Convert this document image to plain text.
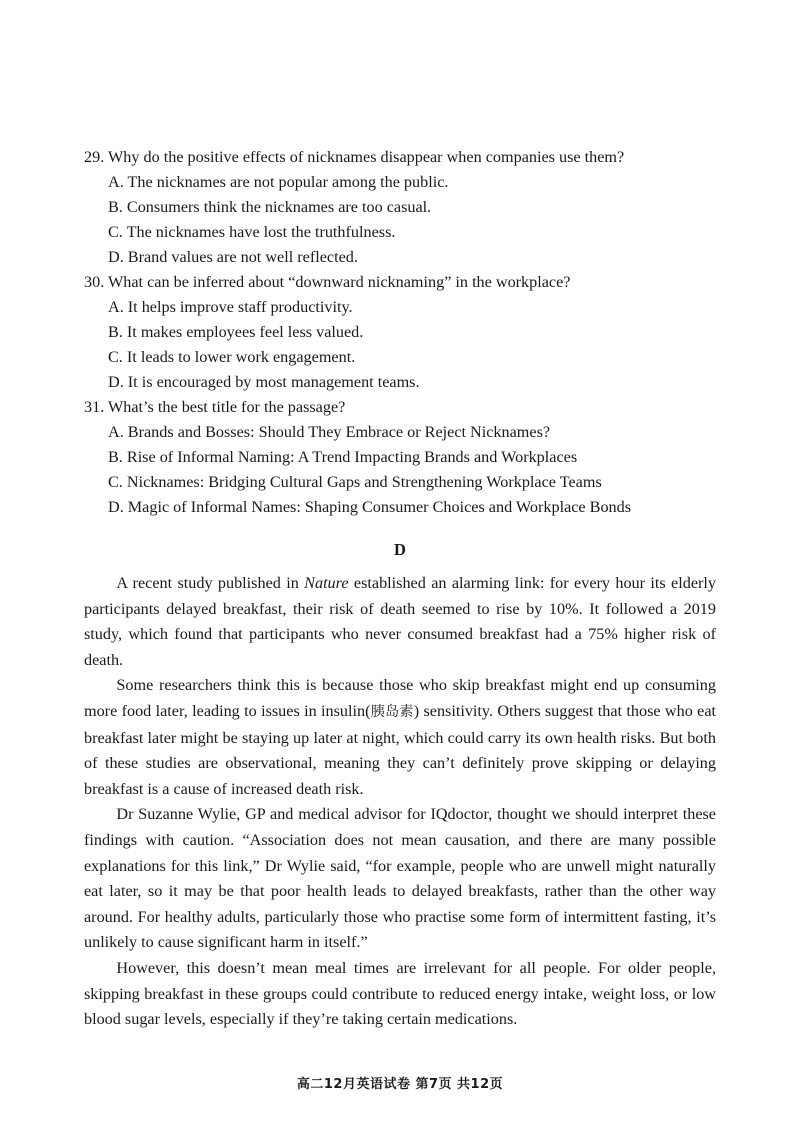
29. Why do the positive effects of nicknames disappear when companies use them?
A. The nicknames are not popular among the public.
B. Consumers think the nicknames are too casual.
C. The nicknames have lost the truthfulness.
D. Brand values are not well reflected.
30. What can be inferred about “downward nicknaming” in the workplace?
A. It helps improve staff productivity.
B. It makes employees feel less valued.
C. It leads to lower work engagement.
D. It is encouraged by most management teams.
31. What’s the best title for the passage?
A. Brands and Bosses: Should They Embrace or Reject Nicknames?
B. Rise of Informal Naming: A Trend Impacting Brands and Workplaces
C. Nicknames: Bridging Cultural Gaps and Strengthening Workplace Teams
D. Magic of Informal Names: Shaping Consumer Choices and Workplace Bonds
D

A recent study published in Nature established an alarming link: for every hour its elderly participants delayed breakfast, their risk of death seemed to rise by 10%. It followed a 2019 study, which found that participants who never consumed breakfast had a 75% higher risk of death.

Some researchers think this is because those who skip breakfast might end up consuming more food later, leading to issues in insulin(胰岛素) sensitivity. Others suggest that those who eat breakfast later might be staying up later at night, which could carry its own health risks. But both of these studies are observational, meaning they can’t definitely prove skipping or delaying breakfast is a cause of increased death risk.

Dr Suzanne Wylie, GP and medical advisor for IQdoctor, thought we should interpret these findings with caution. “Association does not mean causation, and there are many possible explanations for this link,” Dr Wylie said, “for example, people who are unwell might naturally eat later, so it may be that poor health leads to delayed breakfasts, rather than the other way around. For healthy adults, particularly those who practise some form of intermittent fasting, it’s unlikely to cause significant harm in itself.”

However, this doesn’t mean meal times are irrelevant for all people. For older people, skipping breakfast in these groups could contribute to reduced energy intake, weight loss, or low blood sugar levels, especially if they’re taking certain medications.

高二12月英语试卷 第7页 共12页
